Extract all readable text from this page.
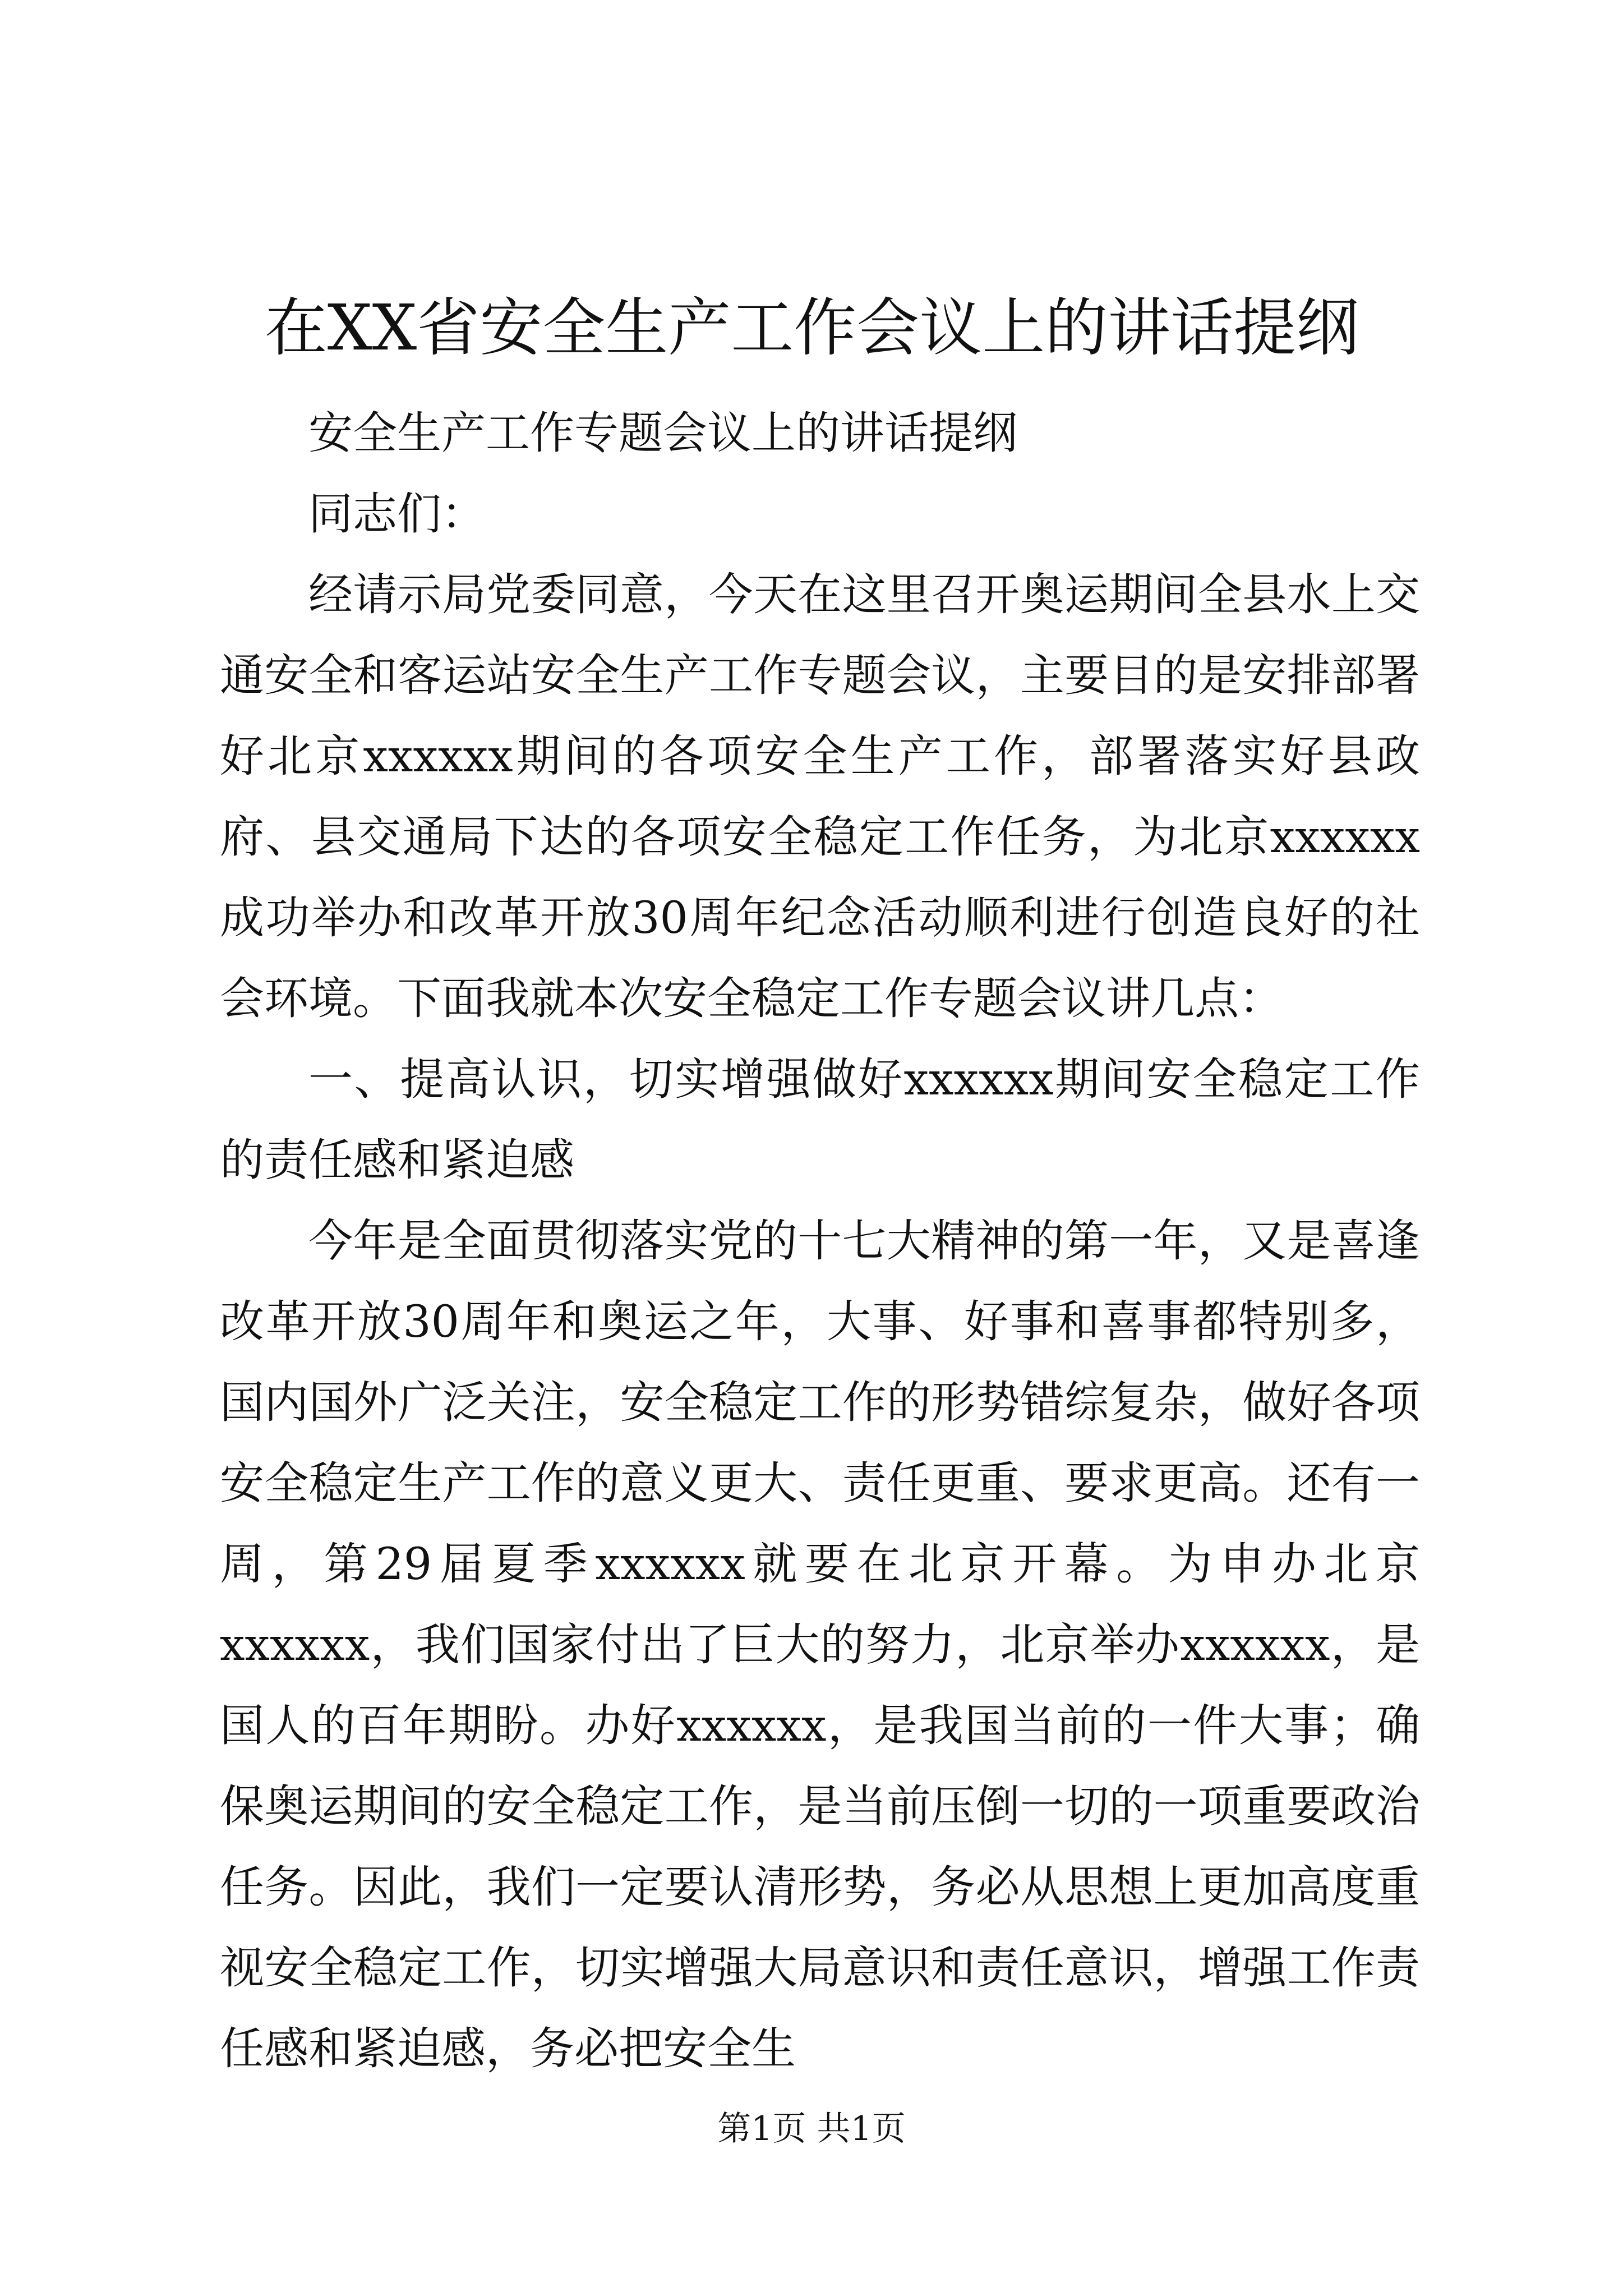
在XX省安全生产工作会议上的讲话提纲

安全生产工作专题会议上的讲话提纲

同志们：

经请示局党委同意，今天在这里召开奥运期间全县水上交通安全和客运站安全生产工作专题会议，主要目的是安排部署好北京xxxxxx期间的各项安全生产工作，部署落实好县政府、县交通局下达的各项安全稳定工作任务，为北京xxxxxx成功举办和改革开放30周年纪念活动顺利进行创造良好的社会环境。下面我就本次安全稳定工作专题会议讲几点：

一、提高认识，切实增强做好xxxxxx期间安全稳定工作的责任感和紧迫感

今年是全面贯彻落实党的十七大精神的第一年，又是喜逢改革开放30周年和奥运之年，大事、好事和喜事都特别多，国内国外广泛关注，安全稳定工作的形势错综复杂，做好各项安全稳定生产工作的意义更大、责任更重、要求更高。还有一周，第29届夏季xxxxxx就要在北京开幕。为申办北京xxxxxx，我们国家付出了巨大的努力，北京举办xxxxxx，是国人的百年期盼。办好xxxxxx，是我国当前的一件大事；确保奥运期间的安全稳定工作，是当前压倒一切的一项重要政治任务。因此，我们一定要认清形势，务必从思想上更加高度重视安全稳定工作，切实增强大局意识和责任意识，增强工作责任感和紧迫感，务必把安全生

第1页 共1页
